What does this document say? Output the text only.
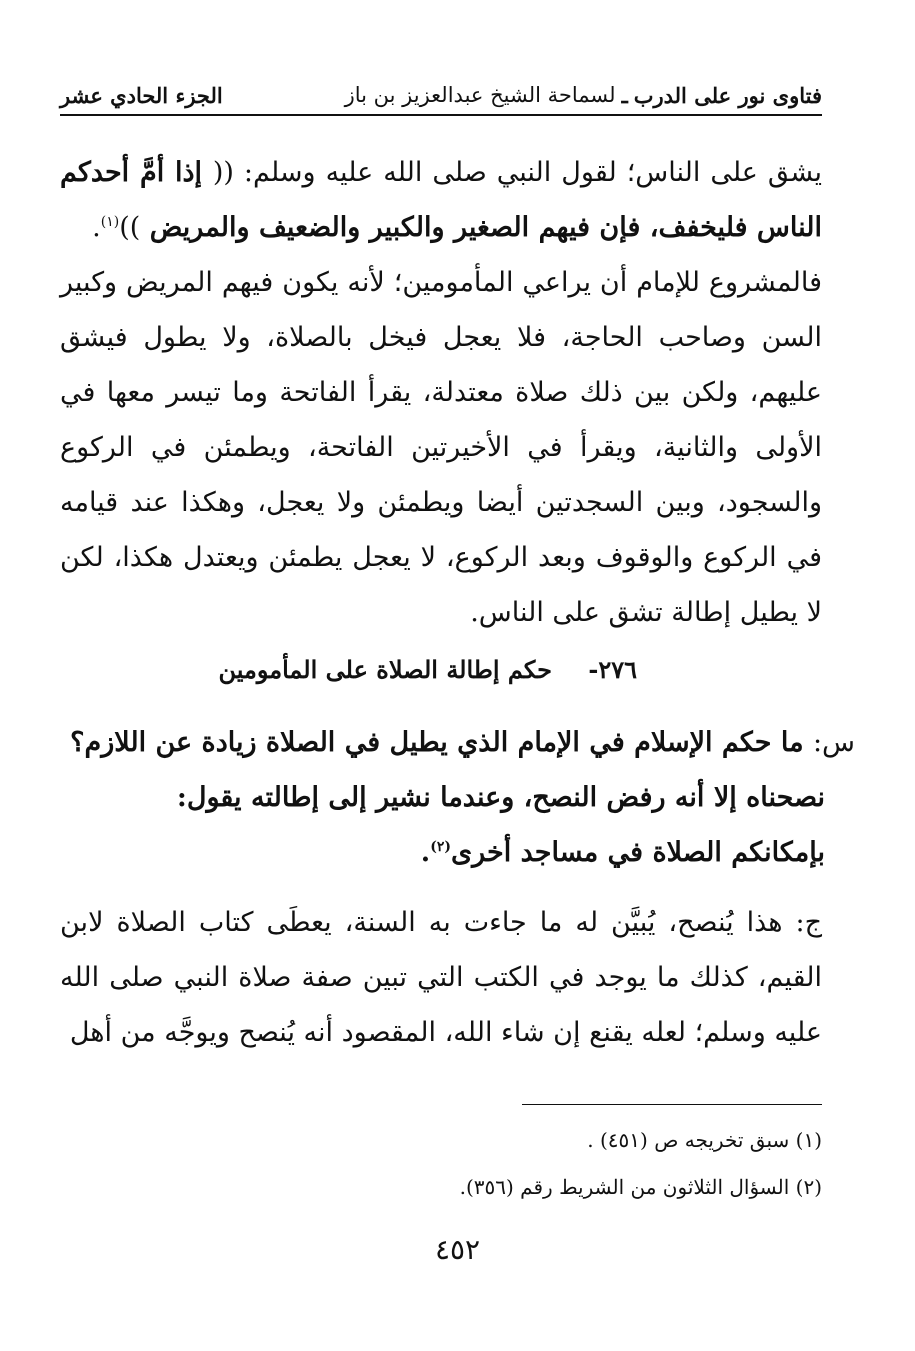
فتاوى نور على الدرب
ـ
لسماحة الشيخ عبدالعزيز بن باز
الجزء الحادي عشر

يشق على الناس؛ لقول النبي صلى الله عليه وسلم: (( إذا أمَّ أحدكم الناس فليخفف، فإن فيهم الصغير والكبير والضعيف والمريض ))$^{(١)}$.

فالمشروع للإمام أن يراعي المأمومين؛ لأنه يكون فيهم المريض وكبير السن وصاحب الحاجة، فلا يعجل فيخل بالصلاة، ولا يطول فيشق عليهم، ولكن بين ذلك صلاة معتدلة، يقرأ الفاتحة وما تيسر معها في الأولى والثانية، ويقرأ في الأخيرتين الفاتحة، ويطمئن في الركوع والسجود، وبين السجدتين أيضا ويطمئن ولا يعجل، وهكذا عند قيامه في الركوع والوقوف وبعد الركوع، لا يعجل يطمئن ويعتدل هكذا، لكن لا يطيل إطالة تشق على الناس.

٢٧٦- حكم إطالة الصلاة على المأمومين
س: ما حكم الإسلام في الإمام الذي يطيل في الصلاة زيادة عن اللازم؟
نصحناه إلا أنه رفض النصح، وعندما نشير إلى إطالته يقول:
بإمكانكم الصلاة في مساجد أخرى$^{(٢)}$.
ج: هذا يُنصح، يُبيَّن له ما جاءت به السنة، يعطَى كتاب الصلاة لابن القيم، كذلك ما يوجد في الكتب التي تبين صفة صلاة النبي صلى الله عليه وسلم؛ لعله يقنع إن شاء الله، المقصود أنه يُنصح ويوجَّه من أهل
(١) سبق تخريجه ص (٤٥١) .
(٢) السؤال الثلاثون من الشريط رقم (٣٥٦).
٤٥٢
